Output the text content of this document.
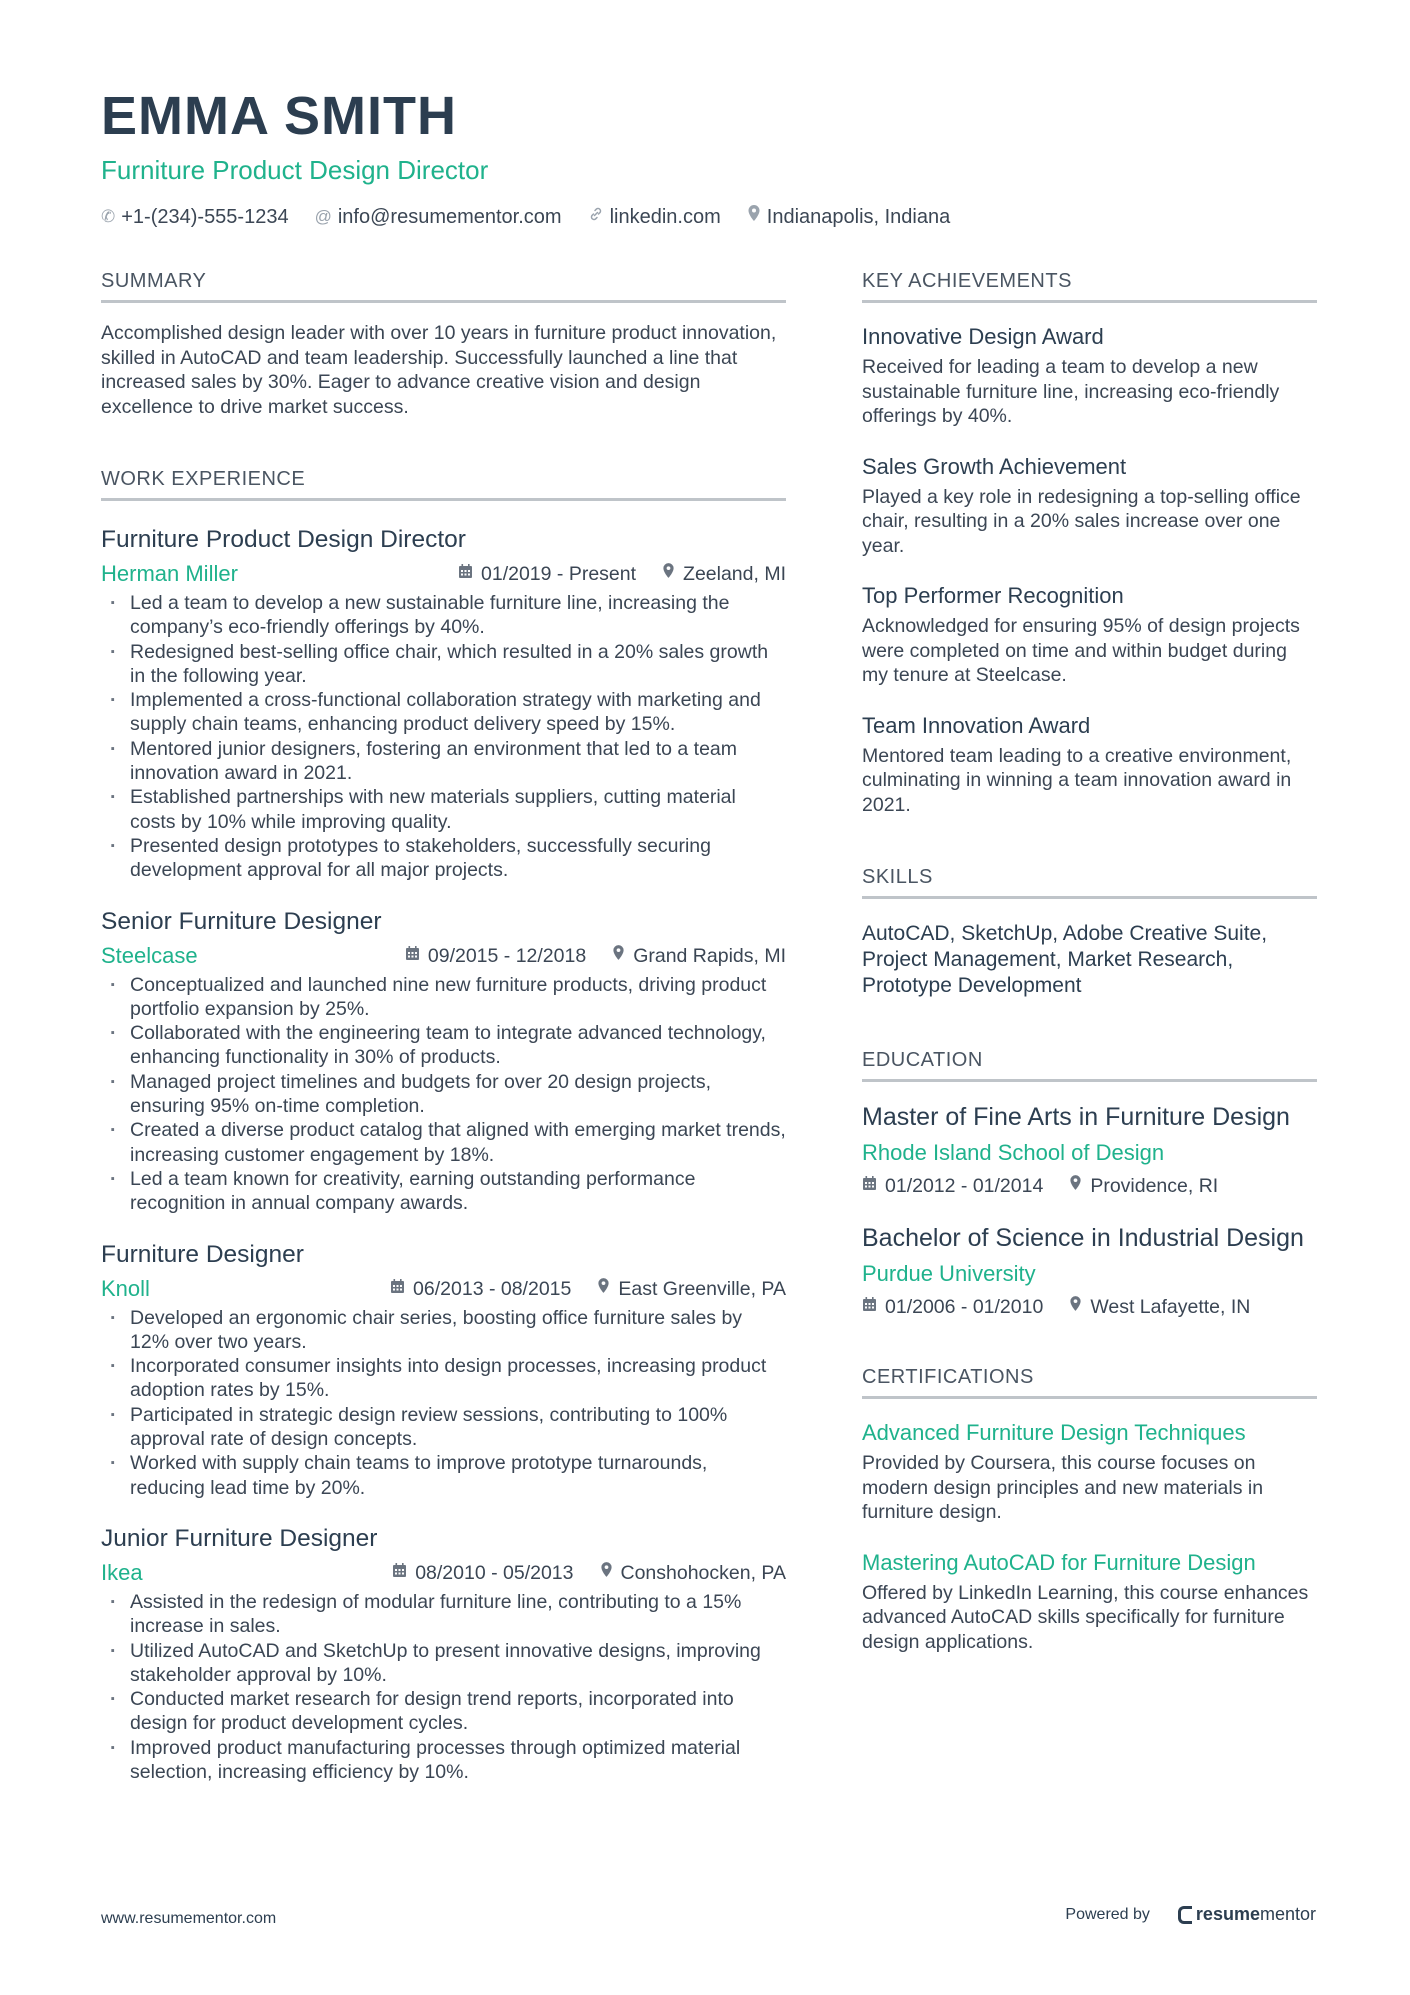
EMMA SMITH
Furniture Product Design Director
✆ +1-(234)-555-1234 @ info@resumementor.com linkedin.com Indianapolis, Indiana
SUMMARY
Accomplished design leader with over 10 years in furniture product innovation, skilled in AutoCAD and team leadership. Successfully launched a line that increased sales by 30%. Eager to advance creative vision and design excellence to drive market success.
WORK EXPERIENCE
Furniture Product Design Director
Herman Miller	01/2019 - Present Zeeland, MI
· Led a team to develop a new sustainable furniture line, increasing the company’s eco-friendly offerings by 40%.
· Redesigned best-selling office chair, which resulted in a 20% sales growth in the following year.
· Implemented a cross-functional collaboration strategy with marketing and supply chain teams, enhancing product delivery speed by 15%.
· Mentored junior designers, fostering an environment that led to a team innovation award in 2021.
· Established partnerships with new materials suppliers, cutting material costs by 10% while improving quality.
· Presented design prototypes to stakeholders, successfully securing development approval for all major projects.
Senior Furniture Designer
Steelcase	09/2015 - 12/2018 Grand Rapids, MI
· Conceptualized and launched nine new furniture products, driving product portfolio expansion by 25%.
· Collaborated with the engineering team to integrate advanced technology, enhancing functionality in 30% of products.
· Managed project timelines and budgets for over 20 design projects, ensuring 95% on-time completion.
· Created a diverse product catalog that aligned with emerging market trends, increasing customer engagement by 18%.
· Led a team known for creativity, earning outstanding performance recognition in annual company awards.
Furniture Designer
Knoll	06/2013 - 08/2015 East Greenville, PA
· Developed an ergonomic chair series, boosting office furniture sales by 12% over two years.
· Incorporated consumer insights into design processes, increasing product adoption rates by 15%.
· Participated in strategic design review sessions, contributing to 100% approval rate of design concepts.
· Worked with supply chain teams to improve prototype turnarounds, reducing lead time by 20%.
Junior Furniture Designer
Ikea	08/2010 - 05/2013 Conshohocken, PA
· Assisted in the redesign of modular furniture line, contributing to a 15% increase in sales.
· Utilized AutoCAD and SketchUp to present innovative designs, improving stakeholder approval by 10%.
· Conducted market research for design trend reports, incorporated into design for product development cycles.
· Improved product manufacturing processes through optimized material selection, increasing efficiency by 10%.
KEY ACHIEVEMENTS
Innovative Design Award
Received for leading a team to develop a new sustainable furniture line, increasing eco-friendly offerings by 40%.
Sales Growth Achievement
Played a key role in redesigning a top-selling office chair, resulting in a 20% sales increase over one year.
Top Performer Recognition
Acknowledged for ensuring 95% of design projects were completed on time and within budget during my tenure at Steelcase.
Team Innovation Award
Mentored team leading to a creative environment, culminating in winning a team innovation award in 2021.
SKILLS
AutoCAD, SketchUp, Adobe Creative Suite, Project Management, Market Research, Prototype Development
EDUCATION
Master of Fine Arts in Furniture Design
Rhode Island School of Design
01/2012 - 01/2014 Providence, RI
Bachelor of Science in Industrial Design
Purdue University
01/2006 - 01/2010 West Lafayette, IN
CERTIFICATIONS
Advanced Furniture Design Techniques
Provided by Coursera, this course focuses on modern design principles and new materials in furniture design.
Mastering AutoCAD for Furniture Design
Offered by LinkedIn Learning, this course enhances advanced AutoCAD skills specifically for furniture design applications.
www.resumementor.com	Powered by	resumementor
